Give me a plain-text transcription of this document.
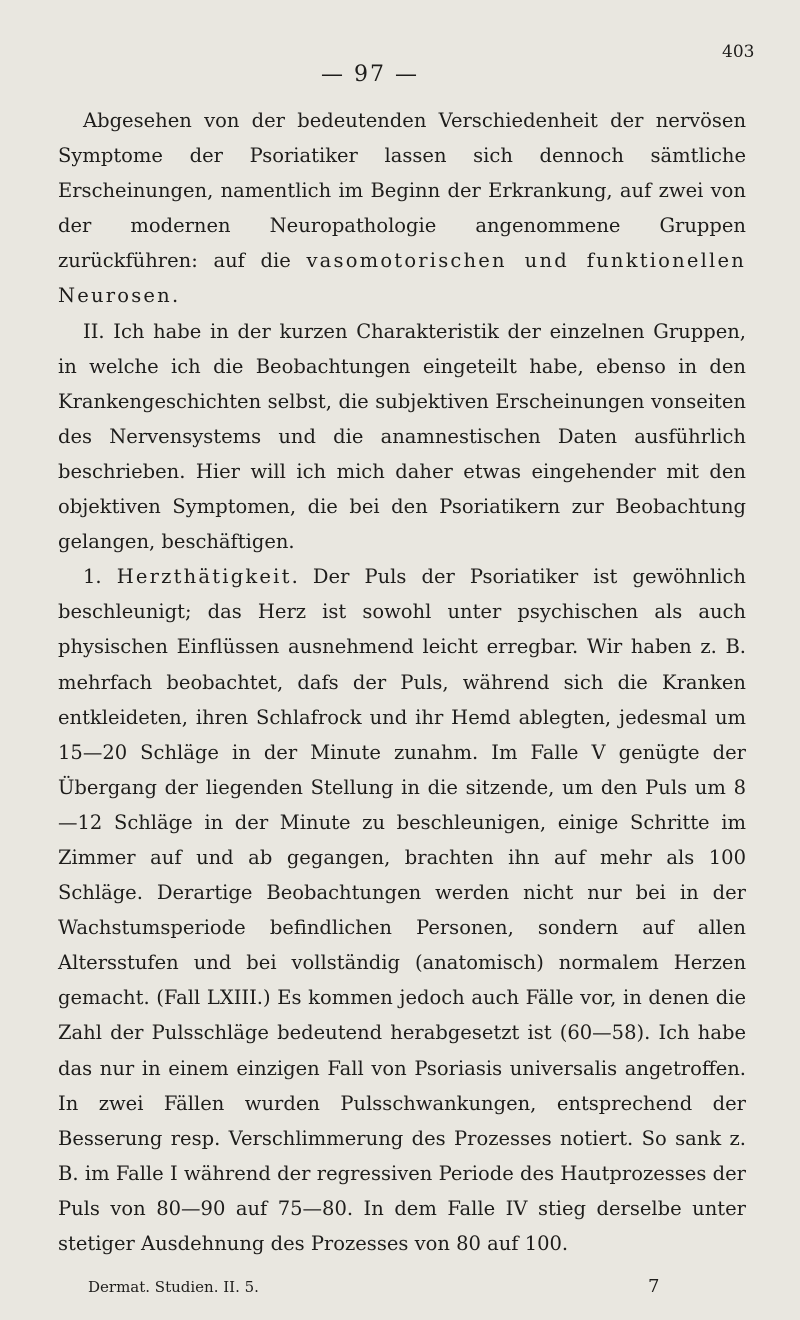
— 97 —
403

Abgesehen von der bedeutenden Verschiedenheit der nervösen Symptome der Psoriatiker lassen sich dennoch sämtliche Erscheinungen, namentlich im Beginn der Erkrankung, auf zwei von der modernen Neuropathologie angenommene Gruppen zurückführen: auf die vasomotorischen und funktionellen Neurosen.

II. Ich habe in der kurzen Charakteristik der einzelnen Gruppen, in welche ich die Beobachtungen eingeteilt habe, ebenso in den Krankengeschichten selbst, die subjektiven Erscheinungen vonseiten des Nervensystems und die anamnestischen Daten ausführlich beschrieben. Hier will ich mich daher etwas eingehender mit den objektiven Symptomen, die bei den Psoriatikern zur Beobachtung gelangen, beschäftigen.

1. Herzthätigkeit. Der Puls der Psoriatiker ist gewöhnlich beschleunigt; das Herz ist sowohl unter psychischen als auch physischen Einflüssen ausnehmend leicht erregbar. Wir haben z. B. mehrfach beobachtet, dafs der Puls, während sich die Kranken entkleideten, ihren Schlafrock und ihr Hemd ablegten, jedesmal um 15—20 Schläge in der Minute zunahm. Im Falle V genügte der Übergang der liegenden Stellung in die sitzende, um den Puls um 8—12 Schläge in der Minute zu beschleunigen, einige Schritte im Zimmer auf und ab gegangen, brachten ihn auf mehr als 100 Schläge. Derartige Beobachtungen werden nicht nur bei in der Wachstumsperiode befindlichen Personen, sondern auf allen Altersstufen und bei vollständig (anatomisch) normalem Herzen gemacht. (Fall LXIII.) Es kommen jedoch auch Fälle vor, in denen die Zahl der Pulsschläge bedeutend herabgesetzt ist (60—58). Ich habe das nur in einem einzigen Fall von Psoriasis universalis angetroffen. In zwei Fällen wurden Pulsschwankungen, entsprechend der Besserung resp. Verschlimmerung des Prozesses notiert. So sank z. B. im Falle I während der regressiven Periode des Hautprozesses der Puls von 80—90 auf 75—80. In dem Falle IV stieg derselbe unter stetiger Ausdehnung des Prozesses von 80 auf 100.

Dermat. Studien. II. 5.	7
